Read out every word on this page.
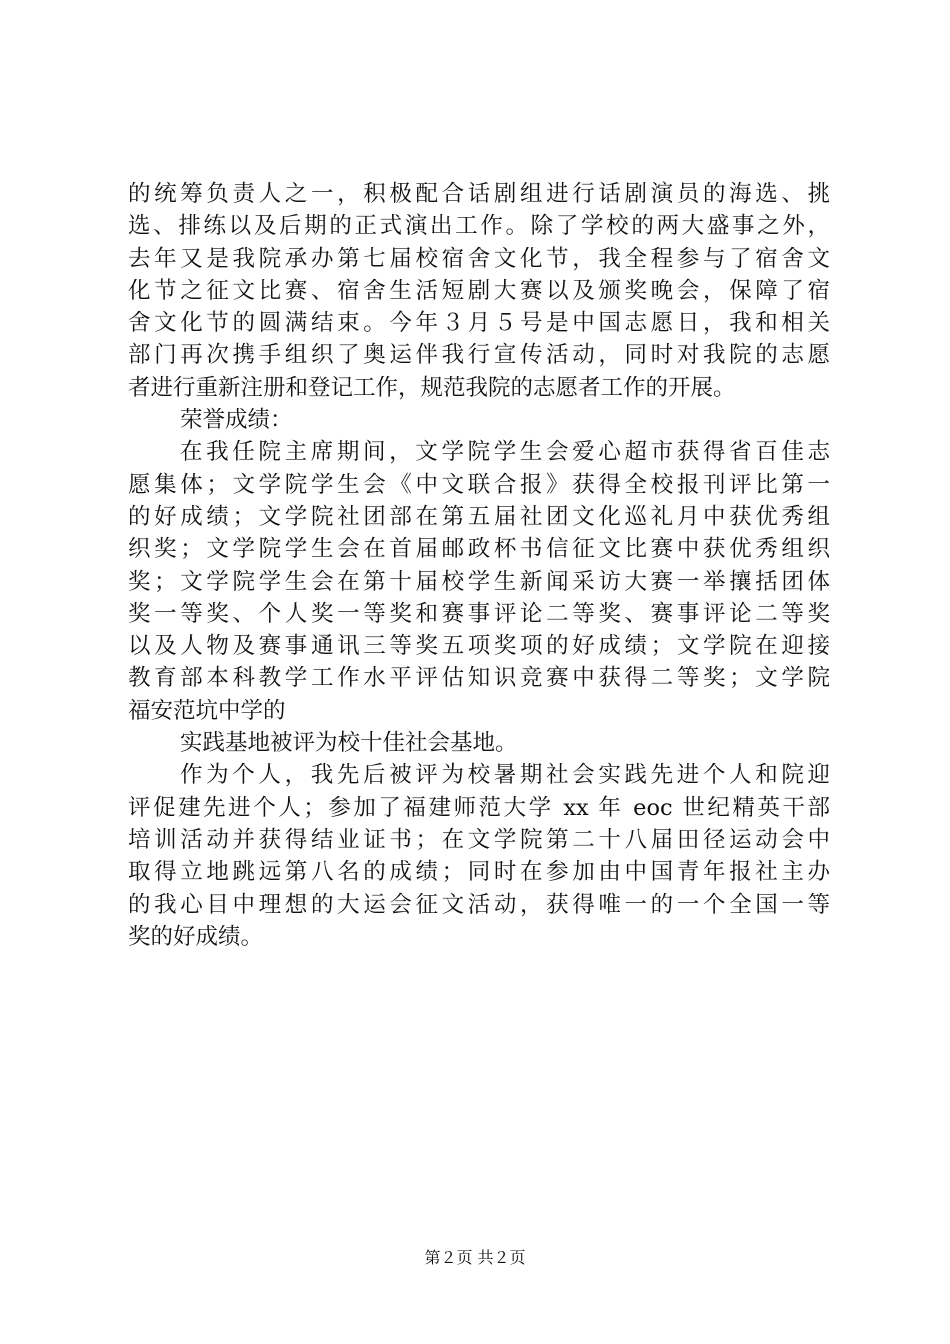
的统筹负责人之一，积极配合话剧组进行话剧演员的海选、挑
选、排练以及后期的正式演出工作。除了学校的两大盛事之外，
去年又是我院承办第七届校宿舍文化节，我全程参与了宿舍文
化节之征文比赛、宿舍生活短剧大赛以及颁奖晚会，保障了宿
舍文化节的圆满结束。今年３月５号是中国志愿日，我和相关
部门再次携手组织了奥运伴我行宣传活动，同时对我院的志愿
者进行重新注册和登记工作，规范我院的志愿者工作的开展。
荣誉成绩：
在我任院主席期间，文学院学生会爱心超市获得省百佳志
愿集体；文学院学生会《中文联合报》获得全校报刊评比第一
的好成绩；文学院社团部在第五届社团文化巡礼月中获优秀组
织奖；文学院学生会在首届邮政杯书信征文比赛中获优秀组织
奖；文学院学生会在第十届校学生新闻采访大赛一举攘括团体
奖一等奖、个人奖一等奖和赛事评论二等奖、赛事评论二等奖
以及人物及赛事通讯三等奖五项奖项的好成绩；文学院在迎接
教育部本科教学工作水平评估知识竞赛中获得二等奖；文学院
福安范坑中学的
实践基地被评为校十佳社会基地。
作为个人，我先后被评为校暑期社会实践先进个人和院迎
评促建先进个人；参加了福建师范大学 xx 年 eoc 世纪精英干部
培训活动并获得结业证书；在文学院第二十八届田径运动会中
取得立地跳远第八名的成绩；同时在参加由中国青年报社主办
的我心目中理想的大运会征文活动，获得唯一的一个全国一等
奖的好成绩。
第２页 共２页
